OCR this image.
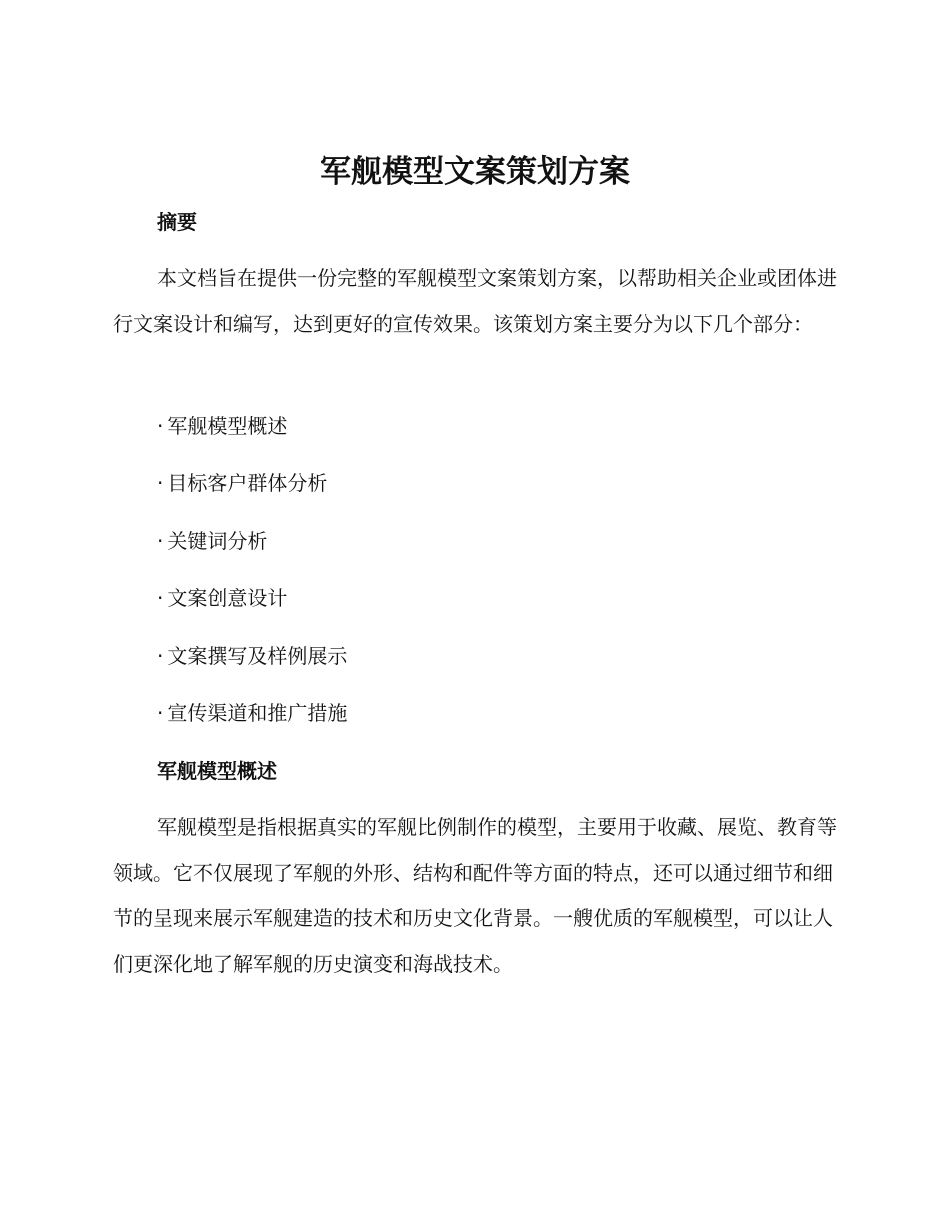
军舰模型文案策划方案
摘要

本文档旨在提供一份完整的军舰模型文案策划方案，以帮助相关企业或团体进行文案设计和编写，达到更好的宣传效果。该策划方案主要分为以下几个部分：

· 军舰模型概述
· 目标客户群体分析
· 关键词分析
· 文案创意设计
· 文案撰写及样例展示
· 宣传渠道和推广措施
军舰模型概述

军舰模型是指根据真实的军舰比例制作的模型，主要用于收藏、展览、教育等领域。它不仅展现了军舰的外形、结构和配件等方面的特点，还可以通过细节和细节的呈现来展示军舰建造的技术和历史文化背景。一艘优质的军舰模型，可以让人们更深化地了解军舰的历史演变和海战技术。
